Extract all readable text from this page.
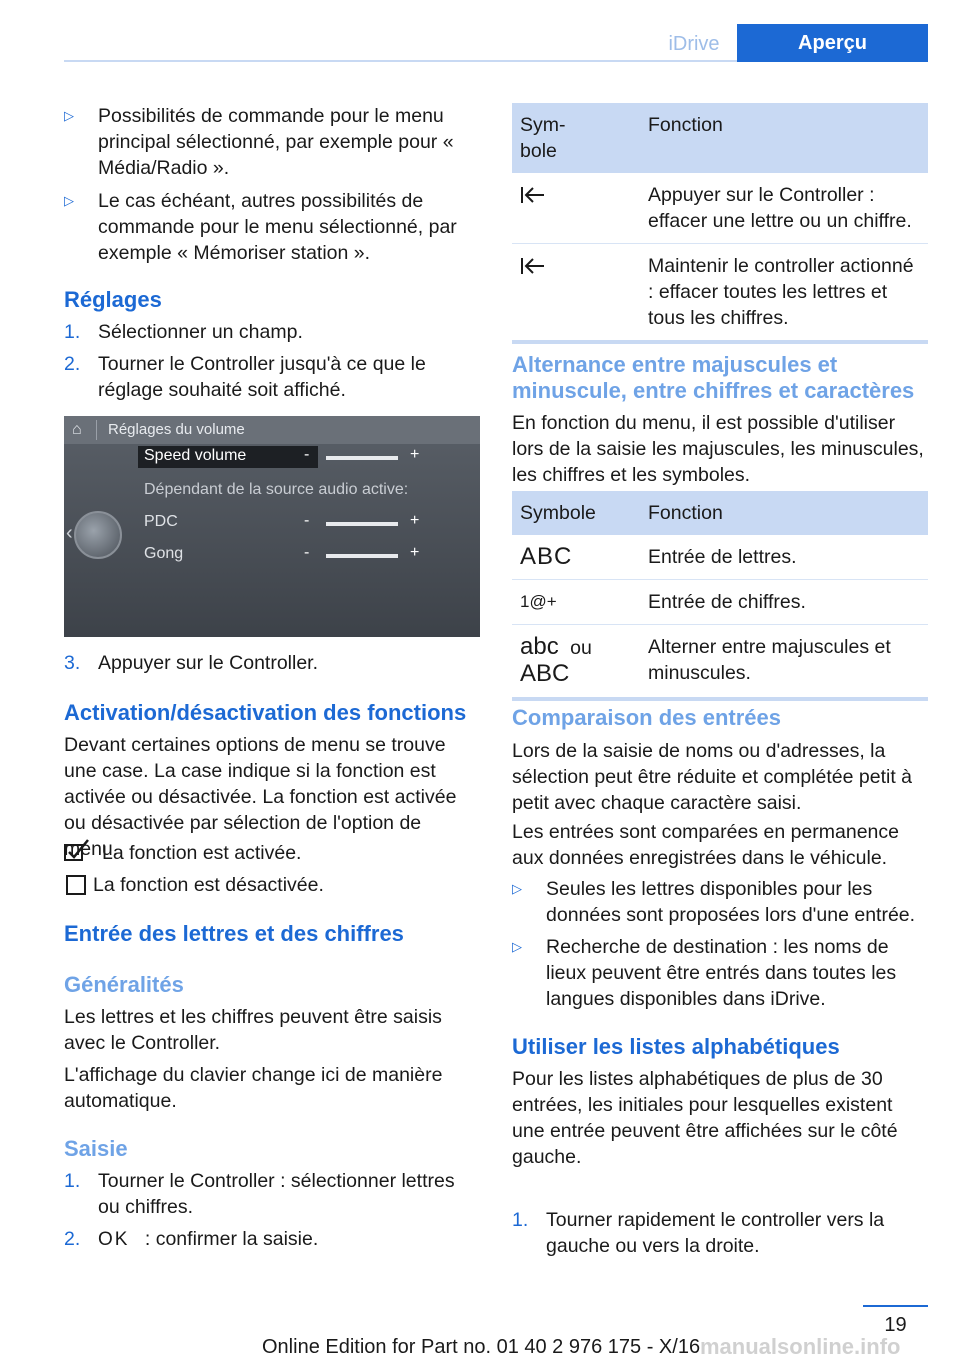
iDrive	Aperçu
▷ Possibilités de commande pour le menu principal sélectionné, par exemple pour « Média/Radio ».
▷ Le cas échéant, autres possibilités de commande pour le menu sélectionné, par exemple « Mémoriser station ».
Réglages
1. Sélectionner un champ.
2. Tourner le Controller jusqu'à ce que le réglage souhaité soit affiché.
⌂ Réglages du volume
Speed volume
Dépendant de la source audio active:
PDC
Gong
-	+
-	+
-	+
‹
3. Appuyer sur le Controller.
Activation/désactivation des fonctions
Devant certaines options de menu se trouve une case. La case indique si la fonction est activée ou désactivée. La fonction est activée ou désactivée par sélection de l'option de menu.
La fonction est activée.
La fonction est désactivée.
Entrée des lettres et des chiffres
Généralités
Les lettres et les chiffres peuvent être saisis avec le Controller.
L'affichage du clavier change ici de manière automatique.
Saisie
1. Tourner le Controller : sélectionner lettres ou chiffres.
2. OK : confirmer la saisie.
Sym-
bole	Fonction
	Appuyer sur le Controller : effacer une lettre ou un chiffre.
	Maintenir le controller actionné : effacer toutes les lettres et tous les chiffres.
Alternance entre majuscules et minuscule, entre chiffres et caractères
En fonction du menu, il est possible d'utiliser lors de la saisie les majuscules, les minuscules, les chiffres et les symboles.
Symbole	Fonction
ABC	Entrée de lettres.
1@+	Entrée de chiffres.
abc ou
ABC	Alterner entre majuscules et minuscules.
Comparaison des entrées
Lors de la saisie de noms ou d'adresses, la sélection peut être réduite et complétée petit à petit avec chaque caractère saisi.
Les entrées sont comparées en permanence aux données enregistrées dans le véhicule.
▷ Seules les lettres disponibles pour les données sont proposées lors d'une entrée.
▷ Recherche de destination : les noms de lieux peuvent être entrés dans toutes les langues disponibles dans iDrive.
Utiliser les listes alphabétiques
Pour les listes alphabétiques de plus de 30 entrées, les initiales pour lesquelles existent une entrée peuvent être affichées sur le côté gauche.
1. Tourner rapidement le controller vers la gauche ou vers la droite.
19
Online Edition for Part no. 01 40 2 976 175 - X/16 manualsonline.info
